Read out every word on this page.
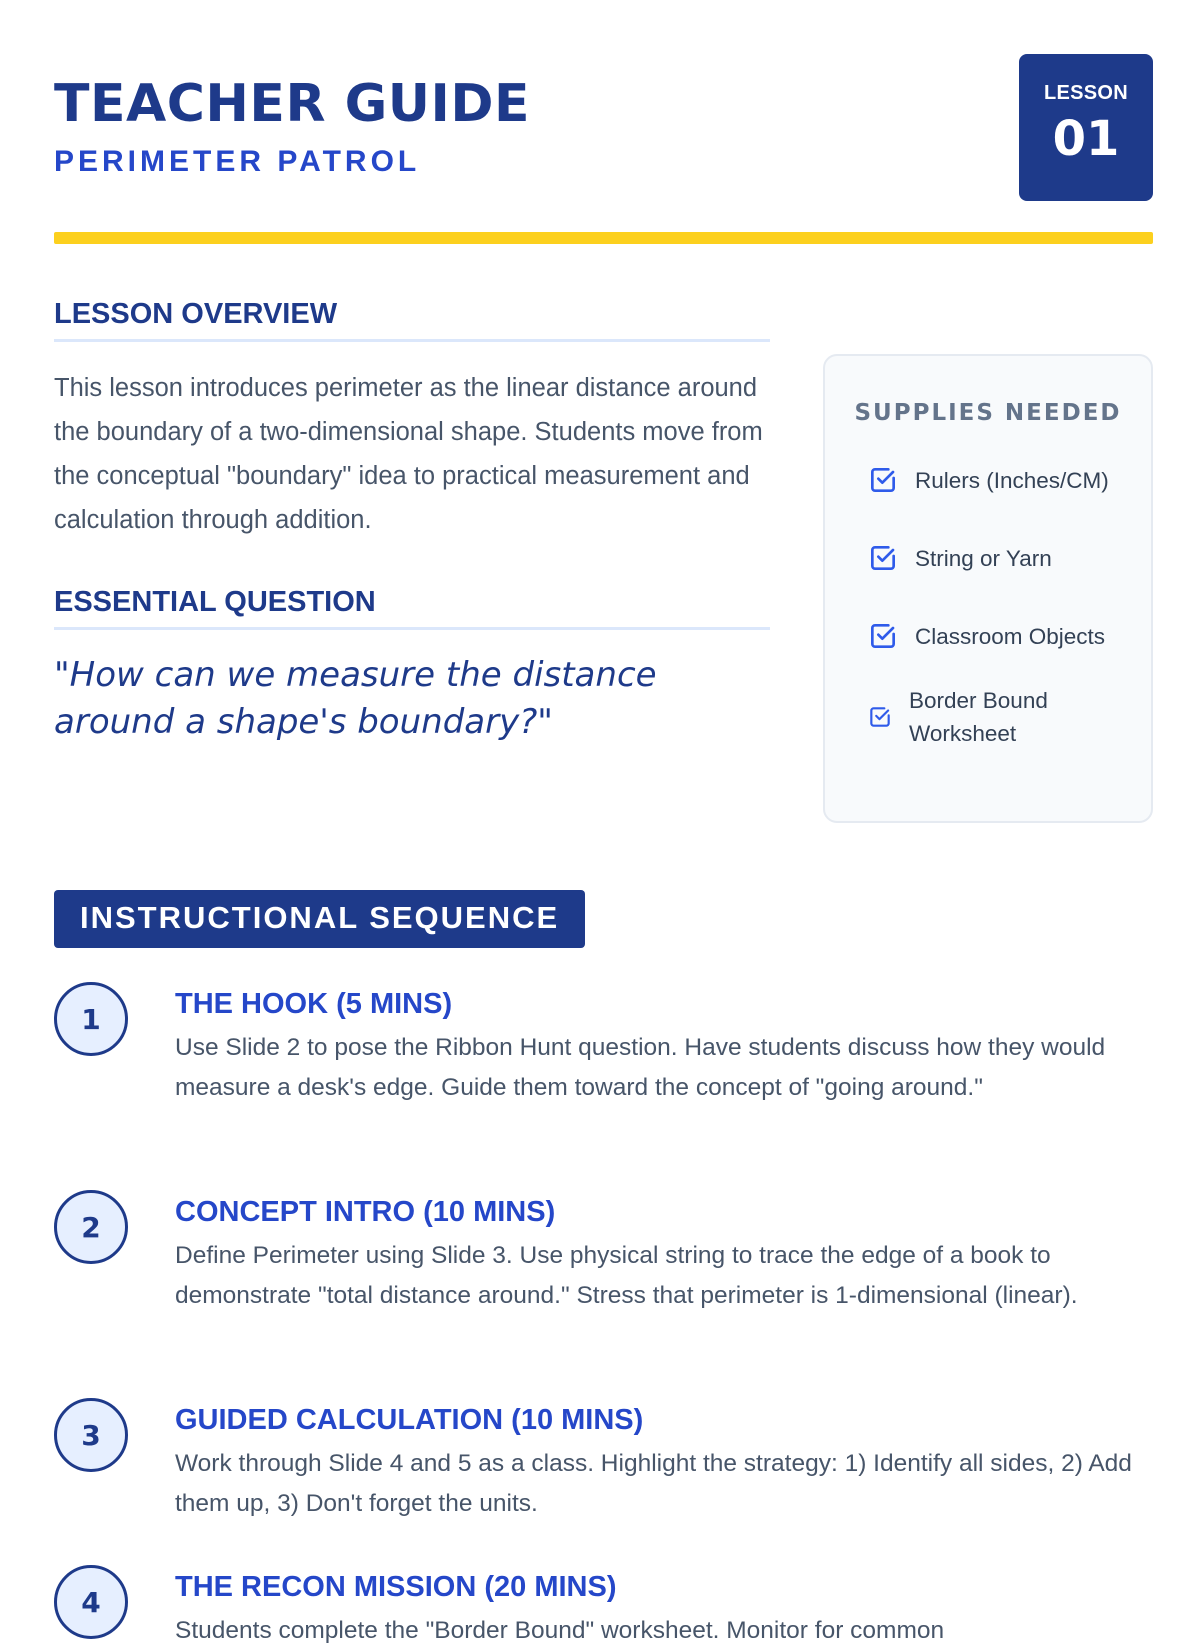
TEACHER GUIDE
PERIMETER PATROL
LESSON
01
LESSON OVERVIEW

This lesson introduces perimeter as the linear distance around the boundary of a two-dimensional shape. Students move from the conceptual "boundary" idea to practical measurement and calculation through addition.

ESSENTIAL QUESTION

"How can we measure the distance around a shape's boundary?"

SUPPLIES NEEDED
Rulers (Inches/CM)
String or Yarn
Classroom Objects
Border Bound Worksheet
INSTRUCTIONAL SEQUENCE
1	THE HOOK (5 MINS)

Use Slide 2 to pose the Ribbon Hunt question. Have students discuss how they would measure a desk's edge. Guide them toward the concept of "going around."

2	CONCEPT INTRO (10 MINS)

Define Perimeter using Slide 3. Use physical string to trace the edge of a book to demonstrate "total distance around." Stress that perimeter is 1-dimensional (linear).

3	GUIDED CALCULATION (10 MINS)

Work through Slide 4 and 5 as a class. Highlight the strategy: 1) Identify all sides, 2) Add them up, 3) Don't forget the units.

4	THE RECON MISSION (20 MINS)

Students complete the "Border Bound" worksheet. Monitor for common
